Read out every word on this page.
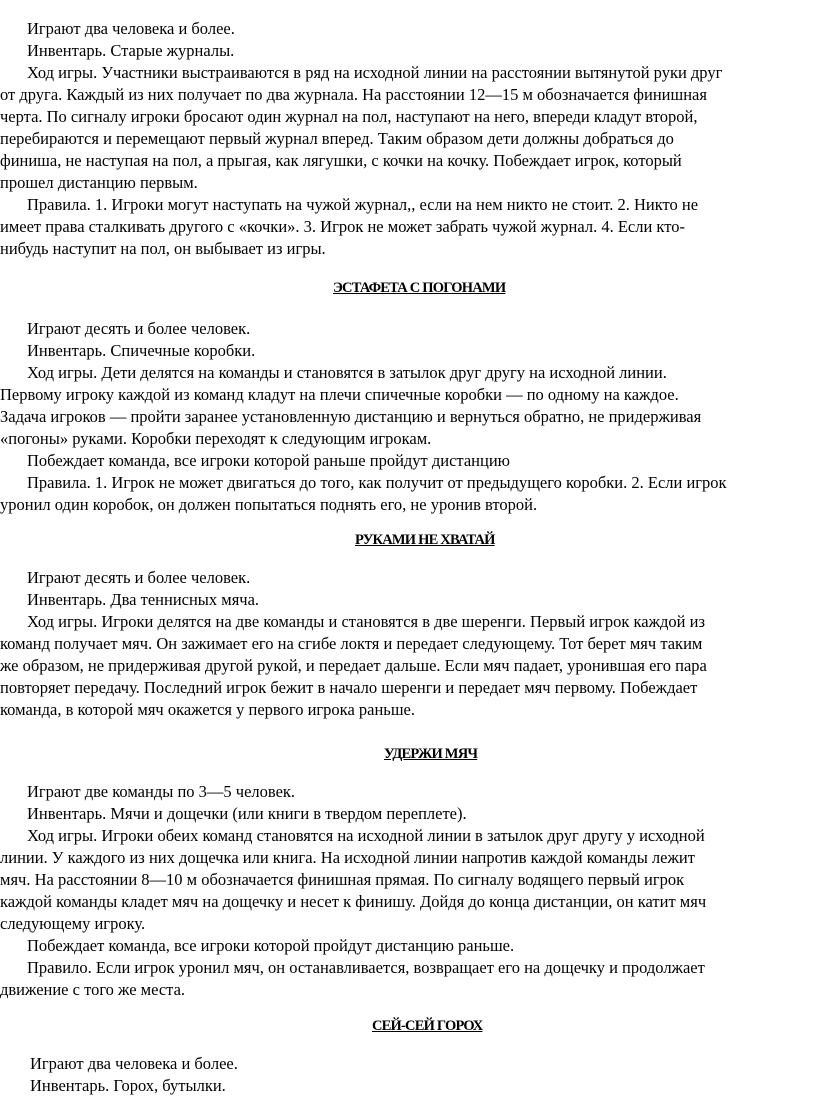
Играют два человека и более.
Инвентарь. Старые журналы.
Ход игры. Участники выстраиваются в ряд на исходной линии на расстоянии вытянутой руки друг
от друга. Каждый из них получает по два журнала. На расстоянии 12—15 м обозначается финишная
черта. По сигналу игроки бросают один журнал на пол, наступают на него, впереди кладут второй,
перебираются и перемещают первый журнал вперед. Таким образом дети должны добраться до
финиша, не наступая на пол, а прыгая, как лягушки, с кочки на кочку. Побеждает игрок, который
прошел дистанцию первым.
Правила. 1. Игроки могут наступать на чужой журнал,, если на нем никто не стоит. 2. Никто не
имеет права сталкивать другого с «кочки». 3. Игрок не может забрать чужой журнал. 4. Если кто-
нибудь наступит на пол, он выбывает из игры.
ЭСТАФЕТА С ПОГОНАМИ
Играют десять и более человек.
Инвентарь. Спичечные коробки.
Ход игры. Дети делятся на команды и становятся в затылок друг другу на исходной линии.
Первому игроку каждой из команд кладут на плечи спичечные коробки — по одному на каждое.
Задача игроков — пройти заранее установленную дистанцию и вернуться обратно, не придерживая
«погоны» руками. Коробки переходят к следующим игрокам.
Побеждает команда, все игроки которой раньше пройдут дистанцию
Правила. 1. Игрок не может двигаться до того, как получит от предыдущего коробки. 2. Если игрок
уронил один коробок, он должен попытаться поднять его, не уронив второй.
РУКАМИ НЕ ХВАТАЙ
Играют десять и более человек.
Инвентарь. Два теннисных мяча.
Ход игры. Игроки делятся на две команды и становятся в две шеренги. Первый игрок каждой из
команд получает мяч. Он зажимает его на сгибе локтя и передает следующему. Тот берет мяч таким
же образом, не придерживая другой рукой, и передает дальше. Если мяч падает, уронившая его пара
повторяет передачу. Последний игрок бежит в начало шеренги и передает мяч первому. Побеждает
команда, в которой мяч окажется у первого игрока раньше.
УДЕРЖИ МЯЧ
Играют две команды по 3—5 человек.
Инвентарь. Мячи и дощечки (или книги в твердом переплете).
Ход игры. Игроки обеих команд становятся на исходной линии в затылок друг другу у исходной
линии. У каждого из них дощечка или книга. На исходной линии напротив каждой команды лежит
мяч. На расстоянии 8—10 м обозначается финишная прямая. По сигналу водящего первый игрок
каждой команды кладет мяч на дощечку и несет к финишу. Дойдя до конца дистанции, он катит мяч
следующему игроку.
Побеждает команда, все игроки которой пройдут дистанцию раньше.
Правило. Если игрок уронил мяч, он останавливается, возвращает его на дощечку и продолжает
движение с того же места.
СЕЙ-СЕЙ ГОРОХ
Играют два человека и более.
Инвентарь. Горох, бутылки.
